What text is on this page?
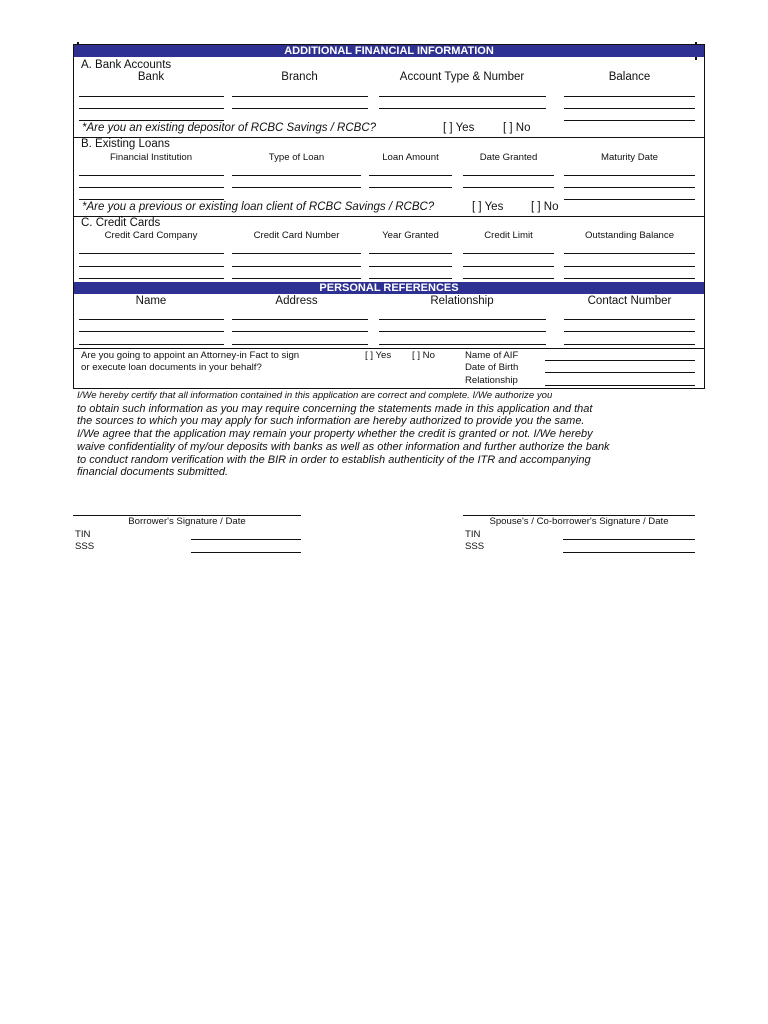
ADDITIONAL FINANCIAL INFORMATION
A. Bank Accounts
Bank	Branch	Account Type & Number	Balance
*Are you an existing depositor of RCBC Savings / RCBC?	[ ] Yes [ ] No
B. Existing Loans
Financial Institution	Type of Loan	Loan Amount	Date Granted	Maturity Date
*Are you a previous or existing loan client of RCBC Savings / RCBC?	[ ] Yes [ ] No
C. Credit Cards
Credit Card Company	Credit Card Number	Year Granted	Credit Limit	Outstanding Balance
PERSONAL REFERENCES
Name	Address	Relationship	Contact Number
Are you going to appoint an Attorney-in Fact to sign
or execute loan documents in your behalf?
[ ] Yes [ ] No	Name of AIF
Date of Birth
Relationship
I/We hereby certify that all information contained in this application are correct and complete. I/We authorize you
to obtain such information as you may require concerning the statements made in this application and that
the sources to which you may apply for such information are hereby authorized to provide you the same.
I/We agree that the application may remain your property whether the credit is granted or not. I/We hereby
waive confidentiality of my/our deposits with banks as well as other information and further authorize the bank
to conduct random verification with the BIR in order to establish authenticity of the ITR and accompanying
financial documents submitted.
Borrower's Signature / Date
TIN
SSS
Spouse's / Co-borrower's Signature / Date
TIN
SSS
